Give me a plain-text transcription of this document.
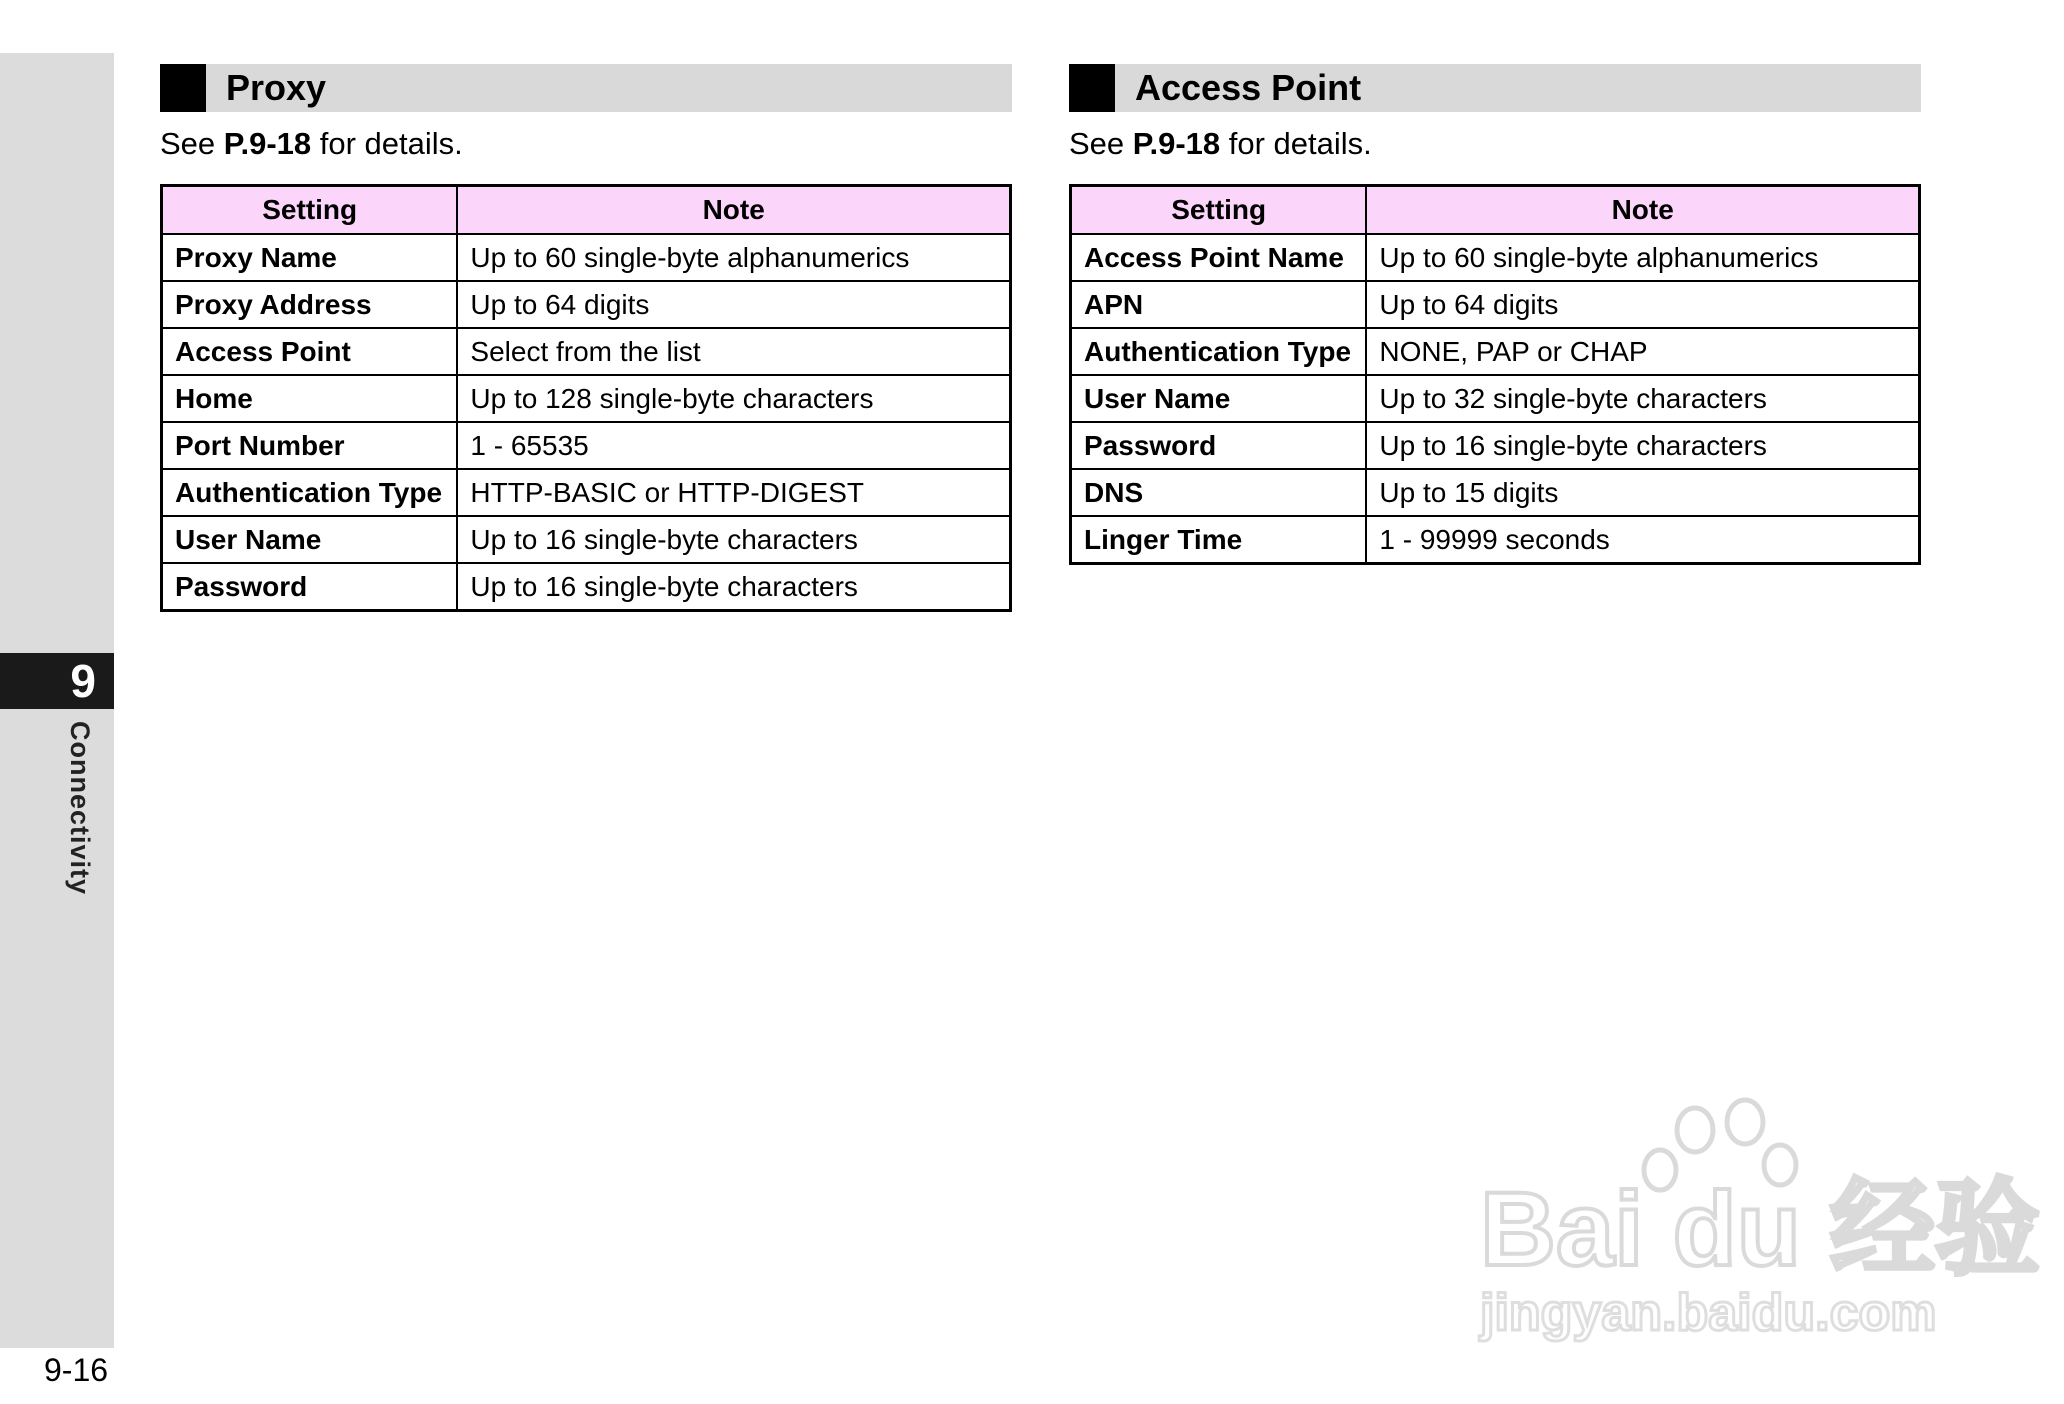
9
Connectivity
9-16
Proxy
See P.9-18 for details.
Setting	Note
Proxy Name	Up to 60 single-byte alphanumerics
Proxy Address	Up to 64 digits
Access Point	Select from the list
Home	Up to 128 single-byte characters
Port Number	1 - 65535
Authentication Type	HTTP-BASIC or HTTP-DIGEST
User Name	Up to 16 single-byte characters
Password	Up to 16 single-byte characters
Access Point
See P.9-18 for details.
Setting	Note
Access Point Name	Up to 60 single-byte alphanumerics
APN	Up to 64 digits
Authentication Type	NONE, PAP or CHAP
User Name	Up to 32 single-byte characters
Password	Up to 16 single-byte characters
DNS	Up to 15 digits
Linger Time	1 - 99999 seconds
Bai du 经验
jingyan.baidu.com
